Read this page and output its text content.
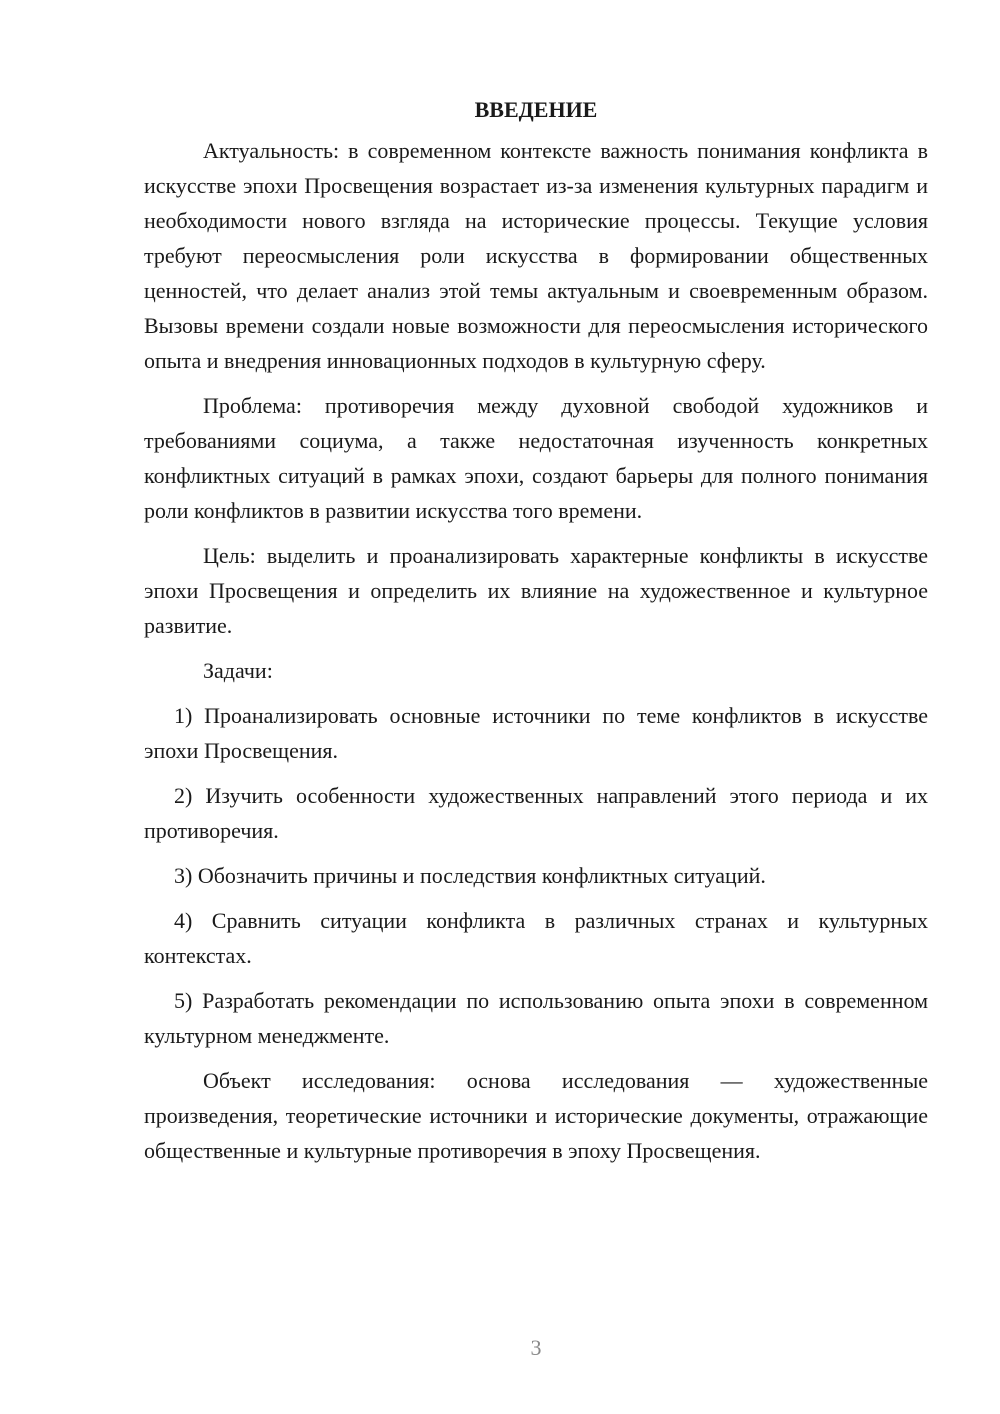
ВВЕДЕНИЕ

Актуальность: в современном контексте важность понимания конфликта в искусстве эпохи Просвещения возрастает из-за изменения культурных парадигм и необходимости нового взгляда на исторические процессы. Текущие условия требуют переосмысления роли искусства в формировании общественных ценностей, что делает анализ этой темы актуальным и своевременным образом. Вызовы времени создали новые возможности для переосмысления исторического опыта и внедрения инновационных подходов в культурную сферу.

Проблема: противоречия между духовной свободой художников и требованиями социума, а также недостаточная изученность конкретных конфликтных ситуаций в рамках эпохи, создают барьеры для полного понимания роли конфликтов в развитии искусства того времени.

Цель: выделить и проанализировать характерные конфликты в искусстве эпохи Просвещения и определить их влияние на художественное и культурное развитие.

Задачи:

1) Проанализировать основные источники по теме конфликтов в искусстве эпохи Просвещения.

2) Изучить особенности художественных направлений этого периода и их противоречия.

3) Обозначить причины и последствия конфликтных ситуаций.

4) Сравнить ситуации конфликта в различных странах и культурных контекстах.

5) Разработать рекомендации по использованию опыта эпохи в современном культурном менеджменте.

Объект исследования: основа исследования — художественные произведения, теоретические источники и исторические документы, отражающие общественные и культурные противоречия в эпоху Просвещения.

3
